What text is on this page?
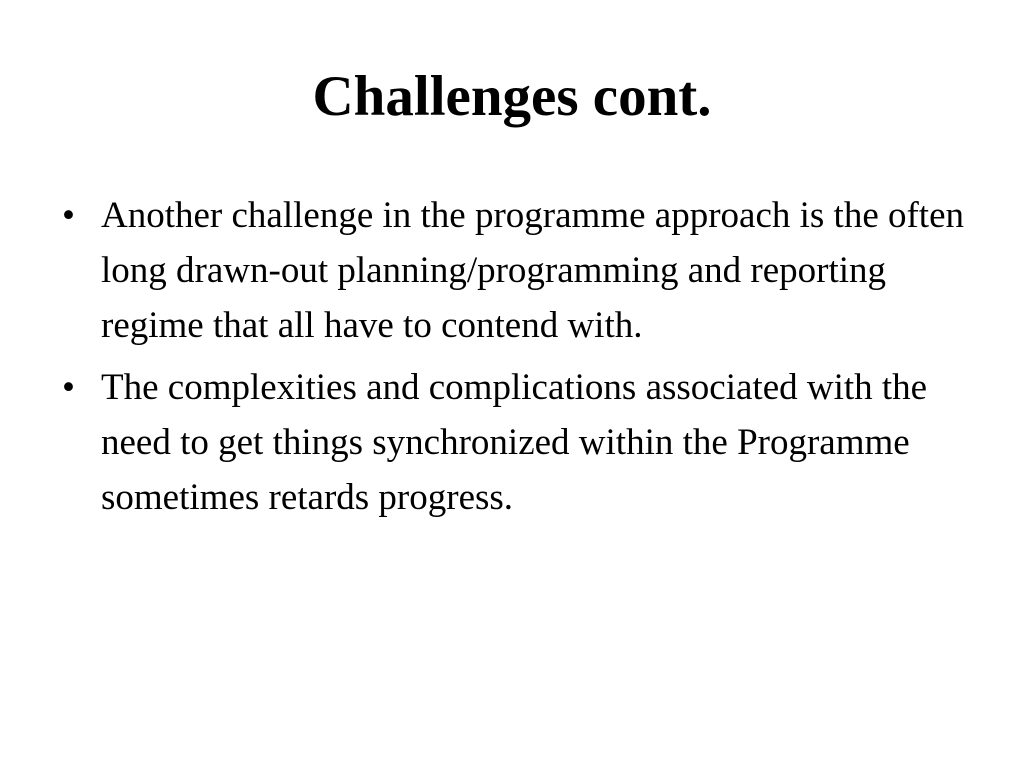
Challenges cont.
• Another challenge in the programme approach is the often long drawn-out planning/programming and reporting regime that all have to contend with.
• The complexities and complications associated with the need to get things synchronized within the Programme sometimes retards progress.
